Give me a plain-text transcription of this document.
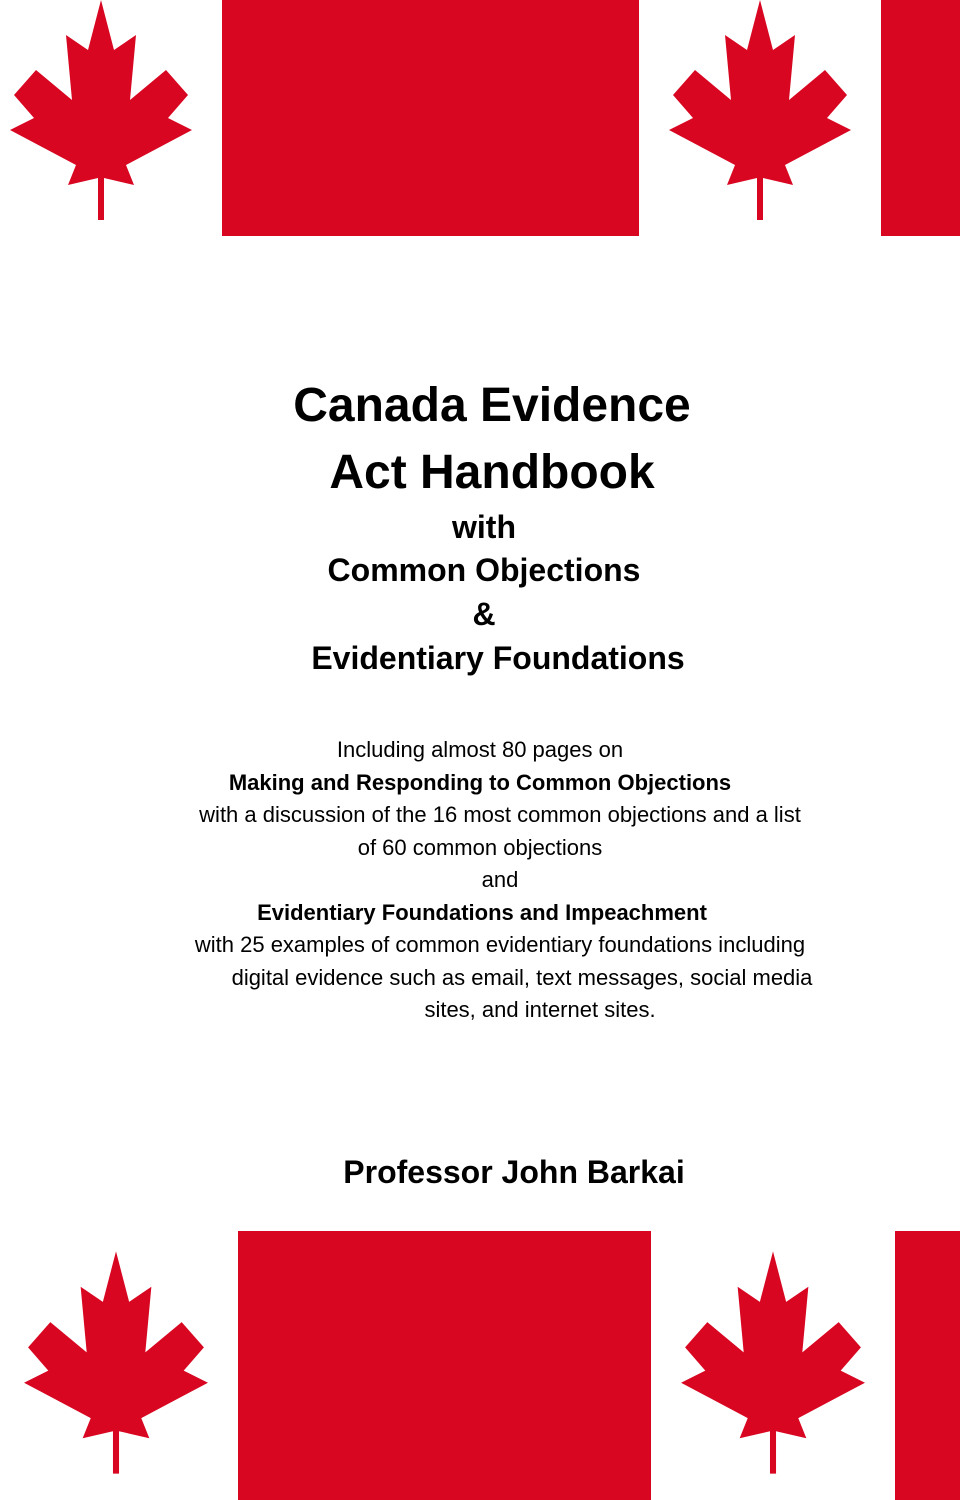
Canada Evidence
Act Handbook
with
Common Objections
&
Evidentiary Foundations
Including almost 80 pages on
Making and Responding to Common Objections
with a discussion of the 16 most common objections and a list
of 60 common objections
and
Evidentiary Foundations and Impeachment
with 25 examples of common evidentiary foundations including
digital evidence such as email, text messages, social media
sites, and internet sites.
Professor John Barkai
